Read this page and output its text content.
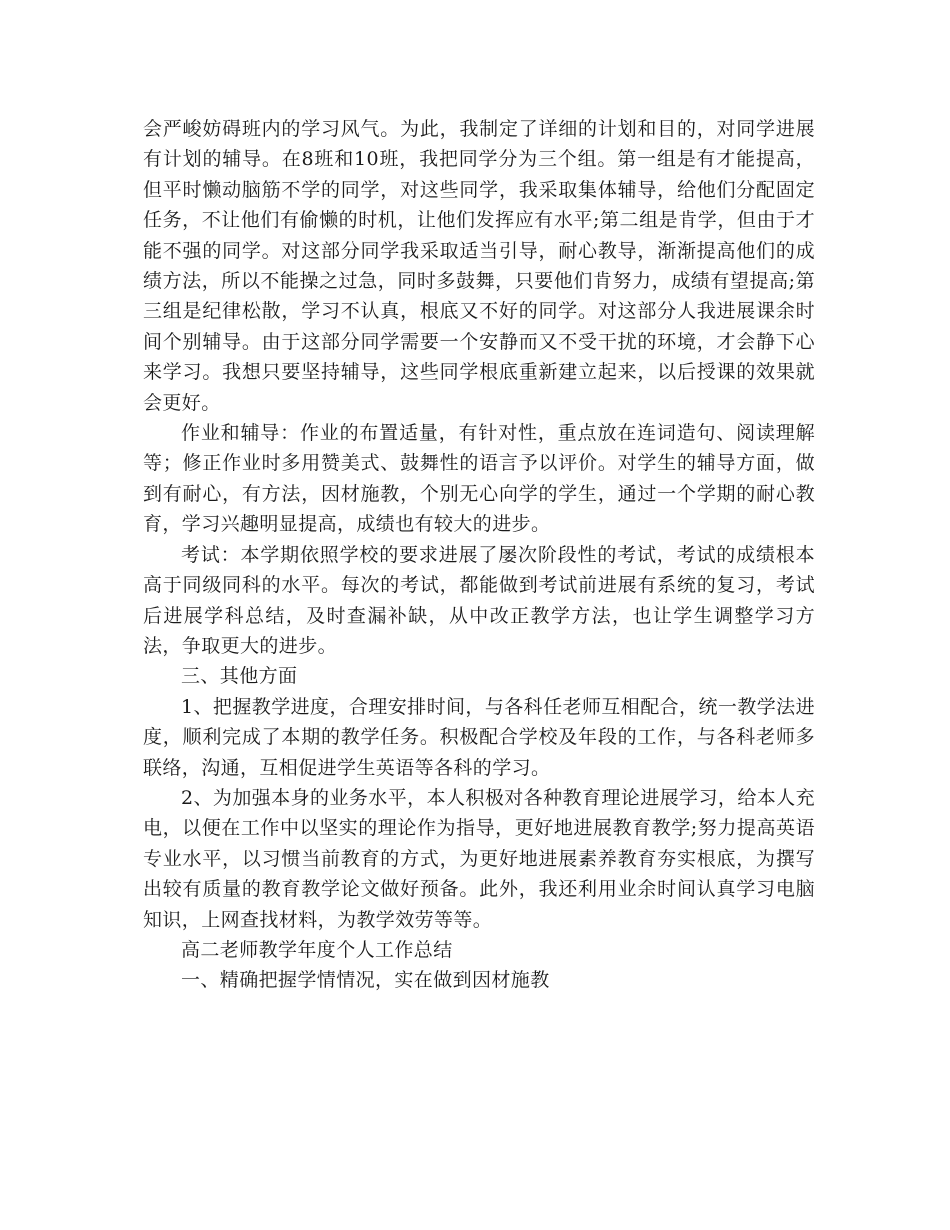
会严峻妨碍班内的学习风气。为此，我制定了详细的计划和目的，对同学进展有计划的辅导。在8班和10班，我把同学分为三个组。第一组是有才能提高，但平时懒动脑筋不学的同学，对这些同学，我采取集体辅导，给他们分配固定任务，不让他们有偷懒的时机，让他们发挥应有水平;第二组是肯学，但由于才能不强的同学。对这部分同学我采取适当引导，耐心教导，渐渐提高他们的成绩方法，所以不能操之过急，同时多鼓舞，只要他们肯努力，成绩有望提高;第三组是纪律松散，学习不认真，根底又不好的同学。对这部分人我进展课余时间个别辅导。由于这部分同学需要一个安静而又不受干扰的环境，才会静下心来学习。我想只要坚持辅导，这些同学根底重新建立起来，以后授课的效果就会更好。

作业和辅导：作业的布置适量，有针对性，重点放在连词造句、阅读理解等；修正作业时多用赞美式、鼓舞性的语言予以评价。对学生的辅导方面，做到有耐心，有方法，因材施教，个别无心向学的学生，通过一个学期的耐心教育，学习兴趣明显提高，成绩也有较大的进步。

考试：本学期依照学校的要求进展了屡次阶段性的考试，考试的成绩根本高于同级同科的水平。每次的考试，都能做到考试前进展有系统的复习，考试后进展学科总结，及时查漏补缺，从中改正教学方法，也让学生调整学习方法，争取更大的进步。

三、其他方面

1、把握教学进度，合理安排时间，与各科任老师互相配合，统一教学法进度，顺利完成了本期的教学任务。积极配合学校及年段的工作，与各科老师多联络，沟通，互相促进学生英语等各科的学习。

2、为加强本身的业务水平，本人积极对各种教育理论进展学习，给本人充电，以便在工作中以坚实的理论作为指导，更好地进展教育教学;努力提高英语专业水平，以习惯当前教育的方式，为更好地进展素养教育夯实根底，为撰写出较有质量的教育教学论文做好预备。此外，我还利用业余时间认真学习电脑知识，上网查找材料，为教学效劳等等。

高二老师教学年度个人工作总结

一、精确把握学情情况，实在做到因材施教
